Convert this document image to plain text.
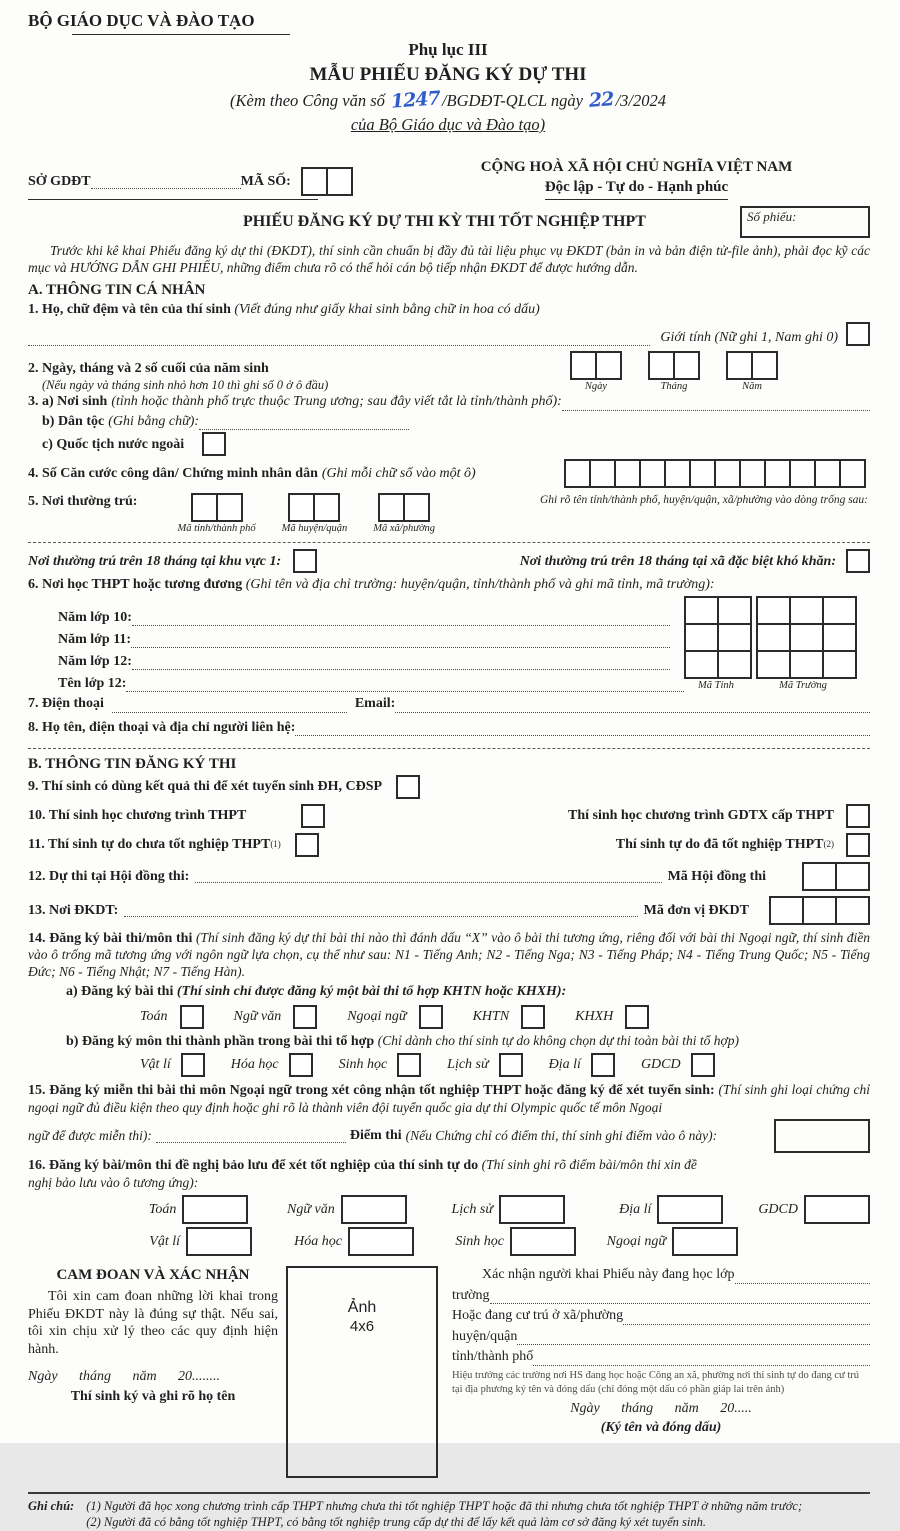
BỘ GIÁO DỤC VÀ ĐÀO TẠO
Phụ lục III
MẪU PHIẾU ĐĂNG KÝ DỰ THI
(Kèm theo Công văn số 1247/BGDĐT-QLCL ngày 22/3/2024
của Bộ Giáo dục và Đào tạo)
SỞ GDĐT	MÃ SỐ:
CỘNG HOÀ XÃ HỘI CHỦ NGHĨA VIỆT NAM
Độc lập - Tự do - Hạnh phúc
PHIẾU ĐĂNG KÝ DỰ THI KỲ THI TỐT NGHIỆP THPT	Số phiếu:
Trước khi kê khai Phiếu đăng ký dự thi (ĐKDT), thí sinh cần chuẩn bị đầy đủ tài liệu phục vụ ĐKDT (bản in và bản điện tử-file ảnh), phải đọc kỹ các mục và HƯỚNG DẪN GHI PHIẾU, những điểm chưa rõ có thể hỏi cán bộ tiếp nhận ĐKDT để được hướng dẫn.
A. THÔNG TIN CÁ NHÂN
1. Họ, chữ đệm và tên của thí sinh (Viết đúng như giấy khai sinh bằng chữ in hoa có dấu)
Giới tính (Nữ ghi 1, Nam ghi 0)
2. Ngày, tháng và 2 số cuối của năm sinh
(Nếu ngày và tháng sinh nhỏ hơn 10 thì ghi số 0 ở ô đầu)	Ngày	Tháng	Năm
3. a) Nơi sinh (tỉnh hoặc thành phố trực thuộc Trung ương; sau đây viết tắt là tỉnh/thành phố):
b) Dân tộc (Ghi bằng chữ):
c) Quốc tịch nước ngoài
4. Số Căn cước công dân/ Chứng minh nhân dân (Ghi mỗi chữ số vào một ô)
5. Nơi thường trú:
Mã tỉnh/thành phố Mã huyện/quận Mã xã/phường
Ghi rõ tên tỉnh/thành phố, huyện/quận, xã/phường vào dòng trống sau:
Nơi thường trú trên 18 tháng tại khu vực 1:	Nơi thường trú trên 18 tháng tại xã đặc biệt khó khăn:
6. Nơi học THPT hoặc tương đương (Ghi tên và địa chỉ trường: huyện/quận, tỉnh/thành phố và ghi mã tỉnh, mã trường):
Năm lớp 10:
Năm lớp 11:
Năm lớp 12:
Tên lớp 12:	Mã Tỉnh	Mã Trường
7. Điện thoại	Email:
8. Họ tên, điện thoại và địa chỉ người liên hệ:
B. THÔNG TIN ĐĂNG KÝ THI
9. Thí sinh có dùng kết quả thi để xét tuyển sinh ĐH, CĐSP
10. Thí sinh học chương trình THPT	Thí sinh học chương trình GDTX cấp THPT
11. Thí sinh tự do chưa tốt nghiệp THPT (1)	Thí sinh tự do đã tốt nghiệp THPT (2)
12. Dự thi tại Hội đồng thi:	Mã Hội đồng thi
13. Nơi ĐKDT:	Mã đơn vị ĐKDT
14. Đăng ký bài thi/môn thi (Thí sinh đăng ký dự thi bài thi nào thì đánh dấu “X” vào ô bài thi tương ứng, riêng đối với bài thi Ngoại ngữ, thí sinh điền vào ô trống mã tương ứng với ngôn ngữ lựa chọn, cụ thể như sau: N1 - Tiếng Anh; N2 - Tiếng Nga; N3 - Tiếng Pháp; N4 - Tiếng Trung Quốc; N5 - Tiếng Đức; N6 - Tiếng Nhật; N7 - Tiếng Hàn).
a) Đăng ký bài thi (Thí sinh chỉ được đăng ký một bài thi tổ hợp KHTN hoặc KHXH):
Toán	Ngữ văn	Ngoại ngữ	KHTN	KHXH
b) Đăng ký môn thi thành phần trong bài thi tổ hợp (Chỉ dành cho thí sinh tự do không chọn dự thi toàn bài thi tổ hợp)
Vật lí	Hóa học	Sinh học	Lịch sử	Địa lí	GDCD
15. Đăng ký miễn thi bài thi môn Ngoại ngữ trong xét công nhận tốt nghiệp THPT hoặc đăng ký để xét tuyển sinh: (Thí sinh ghi loại chứng chỉ ngoại ngữ đủ điều kiện theo quy định hoặc ghi rõ là thành viên đội tuyển quốc gia dự thi Olympic quốc tế môn Ngoại
ngữ để được miễn thi):	Điểm thi (Nếu Chứng chỉ có điểm thi, thí sinh ghi điểm vào ô này):
16. Đăng ký bài/môn thi đề nghị bảo lưu để xét tốt nghiệp của thí sinh tự do (Thí sinh ghi rõ điểm bài/môn thi xin đề
nghị bảo lưu vào ô tương ứng):
Toán	Ngữ văn	Lịch sử	Địa lí	GDCD
Vật lí	Hóa học	Sinh học	Ngoại ngữ
CAM ĐOAN VÀ XÁC NHẬN
Tôi xin cam đoan những lời khai trong Phiếu ĐKDT này là đúng sự thật. Nếu sai, tôi xin chịu xử lý theo các quy định hiện hành.
Ngày tháng năm 20........
Thí sinh ký và ghi rõ họ tên
Ảnh
4x6
Xác nhận người khai Phiếu này đang học lớp
trường
Hoặc đang cư trú ở xã/phường
huyện/quận
tỉnh/thành phố
Hiệu trưởng các trường nơi HS đang học hoặc Công an xã, phường nơi thí sinh tự do đang cư trú tại địa phương ký tên và đóng dấu (chỉ đóng một dấu có phần giáp lai trên ảnh)
Ngày tháng năm 20.....
(Ký tên và đóng dấu)
Ghi chú: (1) Người đã học xong chương trình cấp THPT nhưng chưa thi tốt nghiệp THPT hoặc đã thi nhưng chưa tốt nghiệp THPT ở những năm trước;
(2) Người đã có bằng tốt nghiệp THPT, có bằng tốt nghiệp trung cấp dự thi để lấy kết quả làm cơ sở đăng ký xét tuyển sinh.
